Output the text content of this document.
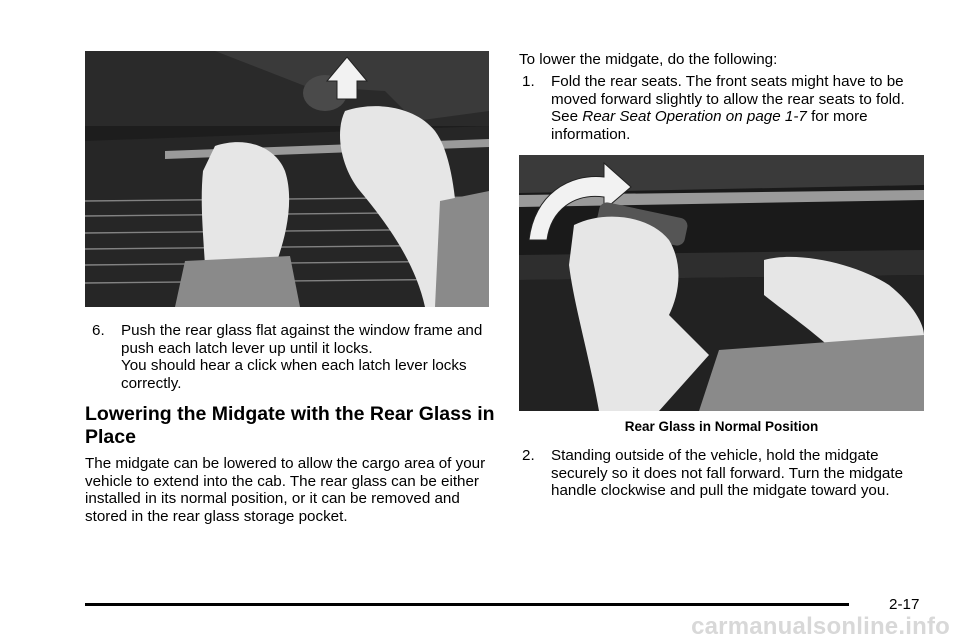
6. Push the rear glass flat against the window frame and push each latch lever up until it locks.

You should hear a click when each latch lever locks correctly.

Lowering the Midgate with the Rear Glass in Place

The midgate can be lowered to allow the cargo area of your vehicle to extend into the cab. The rear glass can be either installed in its normal position, or it can be removed and stored in the rear glass storage pocket.

To lower the midgate, do the following:

1. Fold the rear seats. The front seats might have to be moved forward slightly to allow the rear seats to fold. See Rear Seat Operation on page 1-7 for more information.

Rear Glass in Normal Position

2. Standing outside of the vehicle, hold the midgate securely so it does not fall forward. Turn the midgate handle clockwise and pull the midgate toward you.

2-17
carmanualsonline.info
